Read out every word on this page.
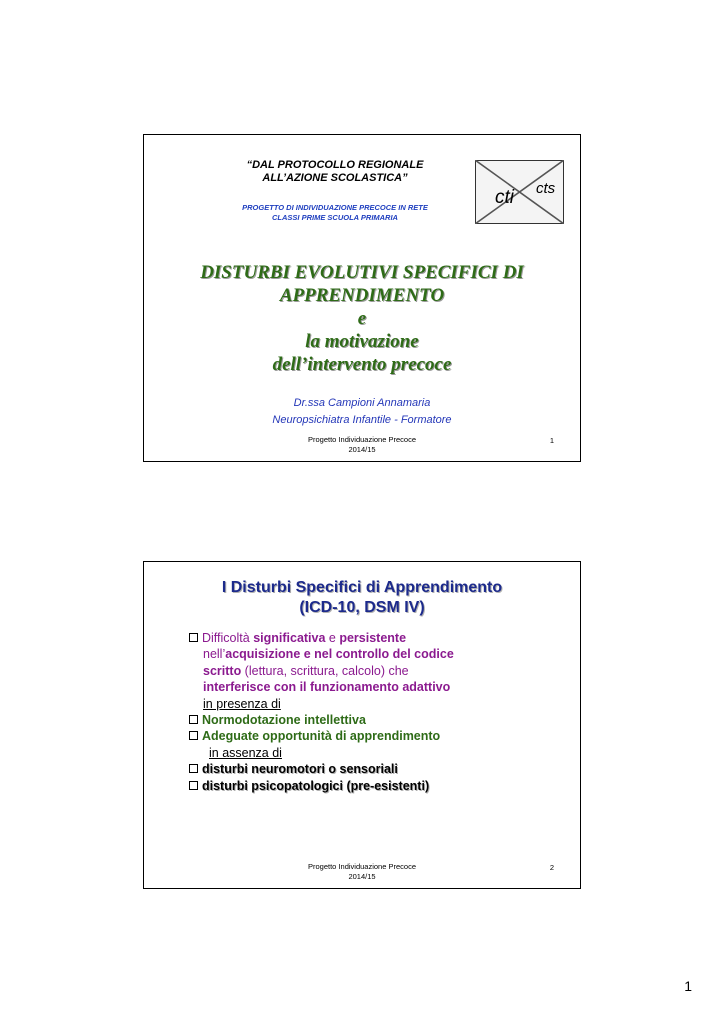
“DAL PROTOCOLLO REGIONALE
ALL’AZIONE SCOLASTICA”
PROGETTO DI INDIVIDUAZIONE PRECOCE IN RETE
CLASSI PRIME SCUOLA PRIMARIA
cti cts
DISTURBI EVOLUTIVI SPECIFICI DI
APPRENDIMENTO
e
la motivazione
dell’intervento precoce
Dr.ssa Campioni Annamaria
Neuropsichiatra Infantile - Formatore
Progetto Individuazione Precoce
2014/15
1
I Disturbi Specifici di Apprendimento
(ICD-10, DSM IV)
Difficoltà significativa e persistente
nell’acquisizione e nel controllo del codice
scritto (lettura, scrittura, calcolo) che
interferisce con il funzionamento adattivo
in presenza di
Normodotazione intellettiva
Adeguate opportunità di apprendimento
in assenza di
disturbi neuromotori o sensoriali
disturbi psicopatologici (pre-esistenti)
Progetto Individuazione Precoce
2014/15
2
1
